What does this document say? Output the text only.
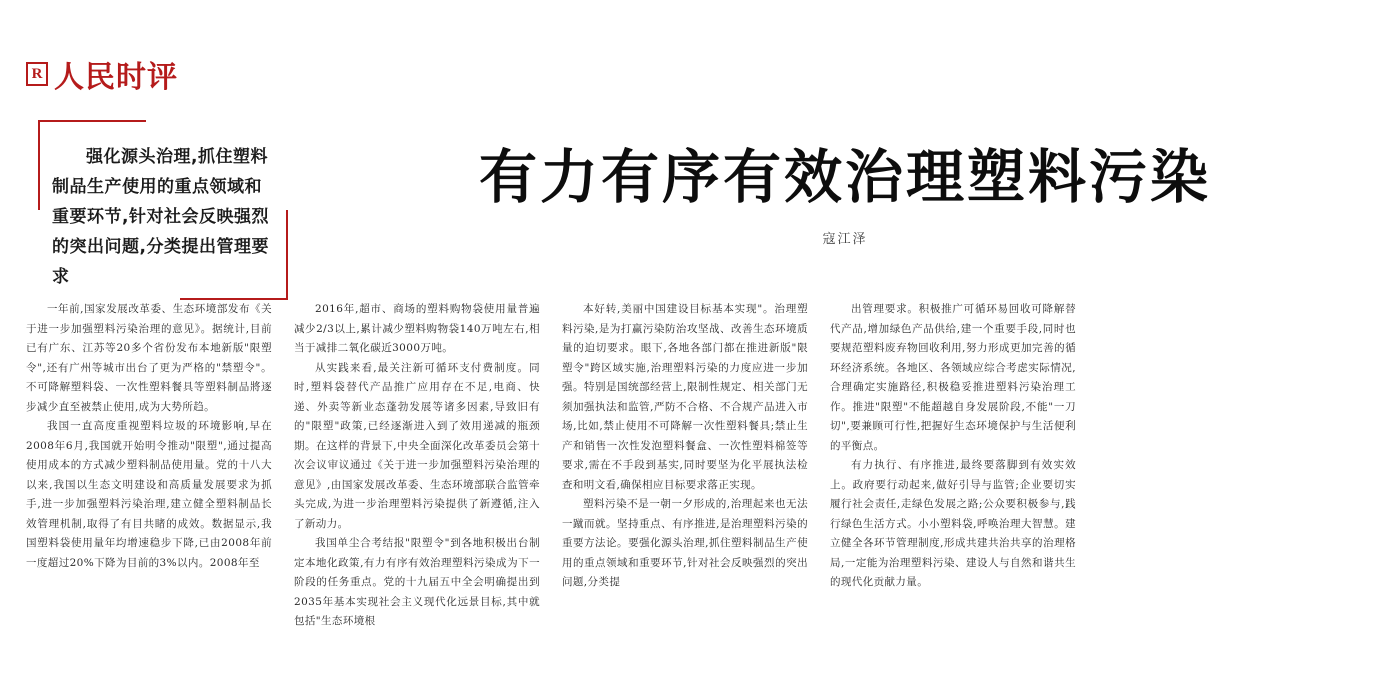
R 人民时评
强化源头治理,抓住塑料制品生产使用的重点领域和重要环节,针对社会反映强烈的突出问题,分类提出管理要求
有力有序有效治理塑料污染
寇江泽

一年前,国家发展改革委、生态环境部发布《关于进一步加强塑料污染治理的意见》。据统计,目前已有广东、江苏等20多个省份发布本地新版"限塑令",还有广州等城市出台了更为严格的"禁塑令"。不可降解塑料袋、一次性塑料餐具等塑料制品將逐步减少直至被禁止使用,成为大势所趋。

我国一直高度重视塑料垃圾的环境影响,早在2008年6月,我国就开始明令推动"限塑",通过提高使用成本的方式减少塑料制品使用量。党的十八大以来,我国以生态文明建设和高质量发展要求为抓手,进一步加强塑料污染治理,建立健全塑料制品长效管理机制,取得了有目共睹的成效。数据显示,我国塑料袋使用量年均增速稳步下降,已由2008年前一度超过20%下降为目前的3%以内。2008年至

2016年,超市、商场的塑料购物袋使用量普遍减少2/3以上,累计减少塑料购物袋140万吨左右,相当于减排二氧化碳近3000万吨。

从实践来看,最关注新可循环支付费制度。同时,塑料袋替代产品推广应用存在不足,电商、快递、外卖等新业态蓬勃发展等诸多因素,导致旧有的"限塑"政策,已经逐渐进入到了效用递减的瓶颈期。在这样的背景下,中央全面深化改革委员会第十次会议审议通过《关于进一步加强塑料污染治理的意见》,由国家发展改革委、生态环境部联合监管牵头完成,为进一步治理塑料污染提供了新遵循,注入了新动力。

我国单尘合考结报"限塑令"到各地积极出台制定本地化政策,有力有序有效治理塑料污染成为下一阶段的任务重点。党的十九届五中全会明确提出到2035年基本实现社会主义现代化远景目标,其中就包括"生态环境根

本好转,美丽中国建设目标基本实现"。治理塑料污染,是为打赢污染防治攻坚战、改善生态环境质量的迫切要求。眼下,各地各部门都在推进新版"限塑令"跨区域实施,治理塑料污染的力度应进一步加强。特别是国统部经营上,限制性规定、相关部门无须加强执法和监管,严防不合格、不合规产品进入市场,比如,禁止使用不可降解一次性塑料餐具;禁止生产和销售一次性发泡塑料餐盒、一次性塑料棉签等要求,需在不手段到基实,同时要坚为化平展执法检查和明文看,确保相应目标要求落正实现。

塑料污染不是一朝一夕形成的,治理起来也无法一蹴而就。坚持重点、有序推进,是治理塑料污染的重要方法论。要强化源头治理,抓住塑料制品生产使用的重点领域和重要环节,针对社会反映强烈的突出问题,分类提

出管理要求。积极推广可循环易回收可降解替代产品,增加绿色产品供给,建一个重要手段,同时也要规范塑料废弃物回收利用,努力形成更加完善的循环经济系统。各地区、各领域应综合考虑实际情况,合理确定实施路径,积极稳妥推进塑料污染治理工作。推进"限塑"不能超越自身发展阶段,不能"一刀切",要兼顾可行性,把握好生态环境保护与生活便利的平衡点。

有力执行、有序推进,最终要落脚到有效实效上。政府要行动起来,做好引导与监管;企业要切实履行社会责任,走绿色发展之路;公众要积极参与,践行绿色生活方式。小小塑料袋,呼唤治理大智慧。建立健全各环节管理制度,形成共建共治共享的治理格局,一定能为治理塑料污染、建设人与自然和谐共生的现代化贡献力量。
